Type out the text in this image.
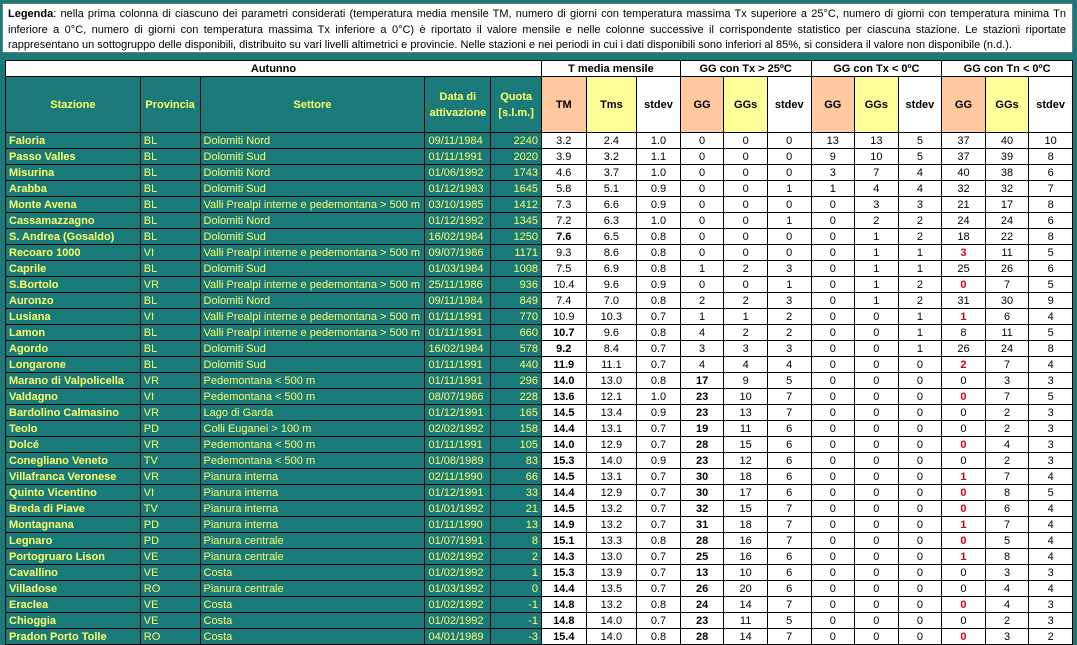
Legenda: nella prima colonna di ciascuno dei parametri considerati (temperatura media mensile TM, numero di giorni con temperatura massima Tx superiore a 25°C, numero di giorni con temperatura minima Tn inferiore a 0°C, numero di giorni con temperatura massima Tx inferiore a 0°C) è riportato il valore mensile e nelle colonne successive il corrispondente statistico per ciascuna stazione. Le stazioni riportate rappresentano un sottogruppo delle disponibili, distribuito su vari livelli altimetrici e provincie. Nelle stazioni e nei periodi in cui i dati disponibili sono inferiori al 85%, si considera il valore non disponibile (n.d.).
Autunno					T media mensile			GG con Tx > 25ºC			GG con Tx < 0ºC			GG con Tn < 0ºC		
Stazione	Provincia	Settore	Data di attivazione	Quota [s.l.m.]	TM	Tms	stdev	GG	GGs	stdev	GG	GGs	stdev	GG	GGs	stdev
Faloria	BL	Dolomiti Nord	09/11/1984	2240	3.2	2.4	1.0	0	0	0	13	13	5	37	40	10
Passo Valles	BL	Dolomiti Sud	01/11/1991	2020	3.9	3.2	1.1	0	0	0	9	10	5	37	39	8
Misurina	BL	Dolomiti Nord	01/06/1992	1743	4.6	3.7	1.0	0	0	0	3	7	4	40	38	6
Arabba	BL	Dolomiti Sud	01/12/1983	1645	5.8	5.1	0.9	0	0	1	1	4	4	32	32	7
Monte Avena	BL	Valli Prealpi interne e pedemontana > 500 m	03/10/1985	1412	7.3	6.6	0.9	0	0	0	0	3	3	21	17	8
Cassamazzagno	BL	Dolomiti Nord	01/12/1992	1345	7.2	6.3	1.0	0	0	1	0	2	2	24	24	6
S. Andrea (Gosaldo)	BL	Dolomiti Sud	16/02/1984	1250	7.6	6.5	0.8	0	0	0	0	1	2	18	22	8
Recoaro 1000	VI	Valli Prealpi interne e pedemontana > 500 m	09/07/1986	1171	9.3	8.6	0.8	0	0	0	0	1	1	3	11	5
Caprile	BL	Dolomiti Sud	01/03/1984	1008	7.5	6.9	0.8	1	2	3	0	1	1	25	26	6
S.Bortolo	VR	Valli Prealpi interne e pedemontana > 500 m	25/11/1986	936	10.4	9.6	0.9	0	0	1	0	1	2	0	7	5
Auronzo	BL	Dolomiti Nord	09/11/1984	849	7.4	7.0	0.8	2	2	3	0	1	2	31	30	9
Lusiana	VI	Valli Prealpi interne e pedemontana > 500 m	01/11/1991	770	10.9	10.3	0.7	1	1	2	0	0	1	1	6	4
Lamon	BL	Valli Prealpi interne e pedemontana > 500 m	01/11/1991	660	10.7	9.6	0.8	4	2	2	0	0	1	8	11	5
Agordo	BL	Dolomiti Sud	16/02/1984	578	9.2	8.4	0.7	3	3	3	0	0	1	26	24	8
Longarone	BL	Dolomiti Sud	01/11/1991	440	11.9	11.1	0.7	4	4	4	0	0	0	2	7	4
Marano di Valpolicella	VR	Pedemontana < 500 m	01/11/1991	296	14.0	13.0	0.8	17	9	5	0	0	0	0	3	3
Valdagno	VI	Pedemontana < 500 m	08/07/1986	228	13.6	12.1	1.0	23	10	7	0	0	0	0	7	5
Bardolino Calmasino	VR	Lago di Garda	01/12/1991	165	14.5	13.4	0.9	23	13	7	0	0	0	0	2	3
Teolo	PD	Colli Euganei > 100 m	02/02/1992	158	14.4	13.1	0.7	19	11	6	0	0	0	0	2	3
Dolcé	VR	Pedemontana < 500 m	01/11/1991	105	14.0	12.9	0.7	28	15	6	0	0	0	0	4	3
Conegliano Veneto	TV	Pedemontana < 500 m	01/08/1989	83	15.3	14.0	0.9	23	12	6	0	0	0	0	2	3
Villafranca Veronese	VR	Pianura interna	02/11/1990	66	14.5	13.1	0.7	30	18	6	0	0	0	1	7	4
Quinto Vicentino	VI	Pianura interna	01/12/1991	33	14.4	12.9	0.7	30	17	6	0	0	0	0	8	5
Breda di Piave	TV	Pianura interna	01/01/1992	21	14.5	13.2	0.7	32	15	7	0	0	0	0	6	4
Montagnana	PD	Pianura interna	01/11/1990	13	14.9	13.2	0.7	31	18	7	0	0	0	1	7	4
Legnaro	PD	Pianura centrale	01/07/1991	8	15.1	13.3	0.8	28	16	7	0	0	0	0	5	4
Portogruaro Lison	VE	Pianura centrale	01/02/1992	2	14.3	13.0	0.7	25	16	6	0	0	0	1	8	4
Cavallino	VE	Costa	01/02/1992	1	15.3	13.9	0.7	13	10	6	0	0	0	0	3	3
Villadose	RO	Pianura centrale	01/03/1992	0	14.4	13.5	0.7	26	20	6	0	0	0	0	4	4
Eraclea	VE	Costa	01/02/1992	-1	14.8	13.2	0.8	24	14	7	0	0	0	0	4	3
Chioggia	VE	Costa	01/02/1992	-1	14.8	14.0	0.7	23	11	5	0	0	0	0	2	3
Pradon Porto Tolle	RO	Costa	04/01/1989	-3	15.4	14.0	0.8	28	14	7	0	0	0	0	3	2
